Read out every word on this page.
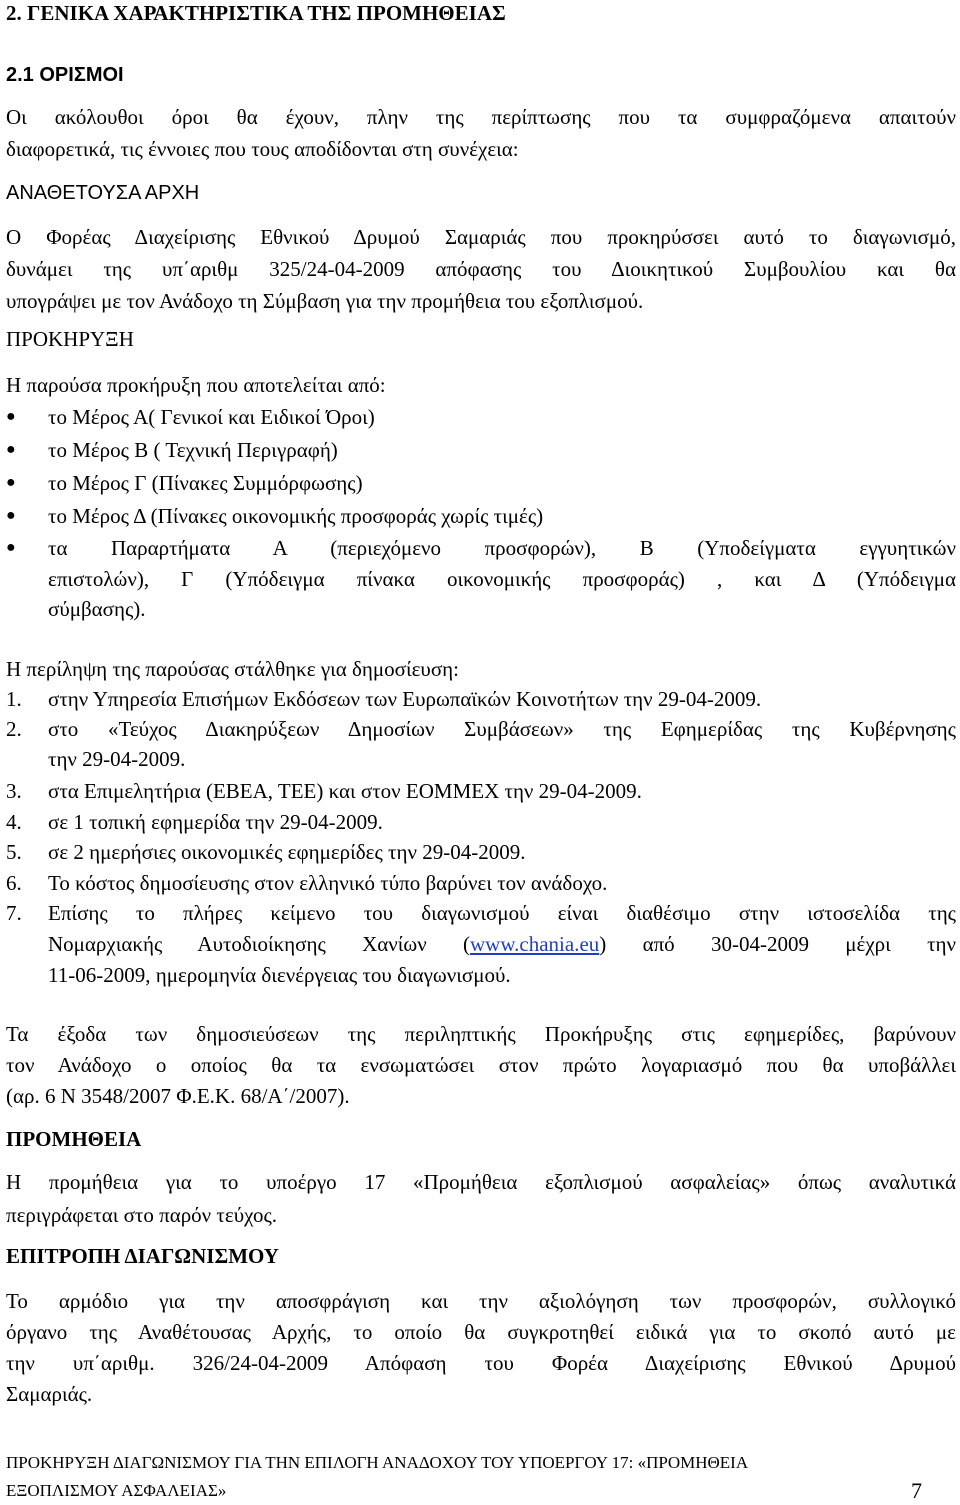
2. ΓΕΝΙΚΑ ΧΑΡΑΚΤΗΡΙΣΤΙΚΑ ΤΗΣ ΠΡΟΜΗΘΕΙΑΣ
2.1 ΟΡΙΣΜΟΙ
Οι ακόλουθοι όροι θα έχουν, πλην της περίπτωσης που τα συμφραζόμενα απαιτούν
διαφορετικά, τις έννοιες που τους αποδίδονται στη συνέχεια:
ΑΝΑΘΕΤΟΥΣΑ ΑΡΧΗ
Ο Φορέας Διαχείρισης Εθνικού Δρυμού Σαμαριάς που προκηρύσσει αυτό το διαγωνισμό,
δυνάμει της υπ΄αριθμ 325/24-04-2009 απόφασης του Διοικητικού Συμβουλίου και θα
υπογράψει με τον Ανάδοχο τη Σύμβαση για την προμήθεια του εξοπλισμού.
ΠΡΟΚΗΡΥΞΗ
Η παρούσα προκήρυξη που αποτελείται από:
● το Μέρος Α( Γενικοί και Ειδικοί Όροι)
● το Μέρος Β ( Τεχνική Περιγραφή)
● το Μέρος Γ (Πίνακες Συμμόρφωσης)
● το Μέρος Δ (Πίνακες οικονομικής προσφοράς χωρίς τιμές)
● τα Παραρτήματα Α (περιεχόμενο προσφορών), Β (Υποδείγματα εγγυητικών
επιστολών), Γ (Υπόδειγμα πίνακα οικονομικής προσφοράς) , και Δ (Υπόδειγμα
σύμβασης).
Η περίληψη της παρούσας στάλθηκε για δημοσίευση:
1. στην Υπηρεσία Επισήμων Εκδόσεων των Ευρωπαϊκών Κοινοτήτων την 29-04-2009.
2. στο «Τεύχος Διακηρύξεων Δημοσίων Συμβάσεων» της Εφημερίδας της Κυβέρνησης
την 29-04-2009.
3. στα Επιμελητήρια (ΕΒΕΑ, ΤΕΕ) και στον ΕΟΜΜΕΧ την 29-04-2009.
4. σε 1 τοπική εφημερίδα την 29-04-2009.
5. σε 2 ημερήσιες οικονομικές εφημερίδες την 29-04-2009.
6. Το κόστος δημοσίευσης στον ελληνικό τύπο βαρύνει τον ανάδοχο.
7. Επίσης το πλήρες κείμενο του διαγωνισμού είναι διαθέσιμο στην ιστοσελίδα της
Νομαρχιακής Αυτοδιοίκησης Χανίων (www.chania.eu) από 30-04-2009 μέχρι την
11-06-2009, ημερομηνία διενέργειας του διαγωνισμού.
Τα έξοδα των δημοσιεύσεων της περιληπτικής Προκήρυξης στις εφημερίδες, βαρύνουν
τον Ανάδοχο ο οποίος θα τα ενσωματώσει στον πρώτο λογαριασμό που θα υποβάλλει
(αρ. 6 Ν 3548/2007 Φ.Ε.Κ. 68/Α΄/2007).
ΠΡΟΜΗΘΕΙΑ
Η προμήθεια για το υποέργο 17 «Προμήθεια εξοπλισμού ασφαλείας» όπως αναλυτικά
περιγράφεται στο παρόν τεύχος.
ΕΠΙΤΡΟΠΗ ΔΙΑΓΩΝΙΣΜΟΥ
Το αρμόδιο για την αποσφράγιση και την αξιολόγηση των προσφορών, συλλογικό
όργανο της Αναθέτουσας Αρχής, το οποίο θα συγκροτηθεί ειδικά για το σκοπό αυτό με
την υπ΄αριθμ. 326/24-04-2009 Απόφαση του Φορέα Διαχείρισης Εθνικού Δρυμού
Σαμαριάς.
ΠΡΟΚΗΡΥΞΗ ΔΙΑΓΩΝΙΣΜΟΥ ΓΙΑ ΤΗΝ ΕΠΙΛΟΓΗ ΑΝΑΔΟΧΟΥ ΤΟΥ ΥΠΟΕΡΓΟΥ 17: «ΠΡΟΜΗΘΕΙΑ
ΕΞΟΠΛΙΣΜΟΥ ΑΣΦΑΛΕΙΑΣ»	7
